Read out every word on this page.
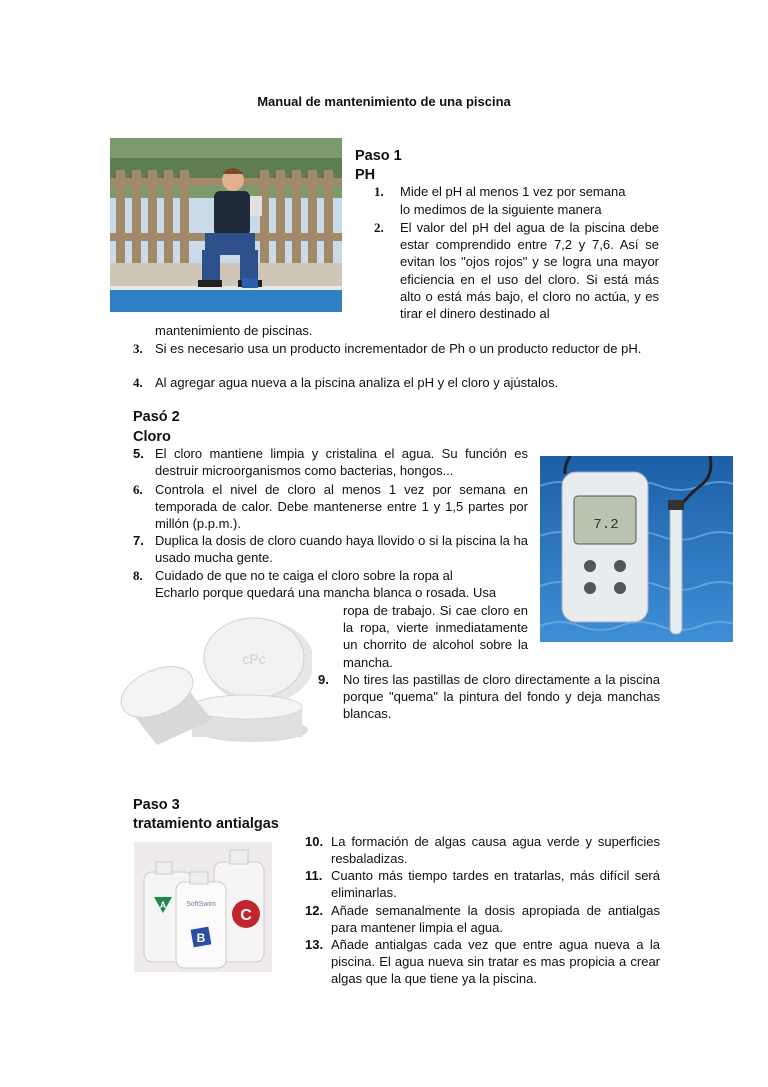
Manual de mantenimiento de una piscina
Paso 1
PH
1. Mide el pH al menos 1 vez por semana
lo medimos de la siguiente manera
2. El valor del pH del agua de la piscina debe estar comprendido entre 7,2 y 7,6. Así se evitan los "ojos rojos" y se logra una mayor eficiencia en el uso del cloro. Si está más alto o está más bajo, el cloro no actúa, y es tirar el dinero destinado al
mantenimiento de piscinas.
3. Si es necesario usa un producto incrementador de Ph o un producto reductor de pH.
4. Al agregar agua nueva a la piscina analiza el pH y el cloro y ajústalos.
Pasó 2
Cloro
5. El cloro mantiene limpia y cristalina el agua. Su función es destruir microorganismos como bacterias, hongos...
6. Controla el nivel de cloro al menos 1 vez por semana en temporada de calor. Debe mantenerse entre 1 y 1,5 partes por millón (p.p.m.).
7. Duplica la dosis de cloro cuando haya llovido o si la piscina la ha usado mucha gente.
8. Cuidado de que no te caiga el cloro sobre la ropa al
Echarlo porque quedará una mancha blanca o rosada. Usa
ropa de trabajo. Si cae cloro en la ropa, vierte inmediatamente un chorrito de alcohol sobre la mancha.
9. No tires las pastillas de cloro directamente a la piscina porque "quema" la pintura del fondo y deja manchas blancas.
7.2
cPc
Paso 3
tratamiento antialgas
C
A	SoftSwim
B
10. La formación de algas causa agua verde y superficies resbaladizas.
11. Cuanto más tiempo tardes en tratarlas, más difícil será eliminarlas.
12. Añade semanalmente la dosis apropiada de antialgas para mantener limpia el agua.
13. Añade antialgas cada vez que entre agua nueva a la piscina. El agua nueva sin tratar es mas propicia a crear algas que la que tiene ya la piscina.
